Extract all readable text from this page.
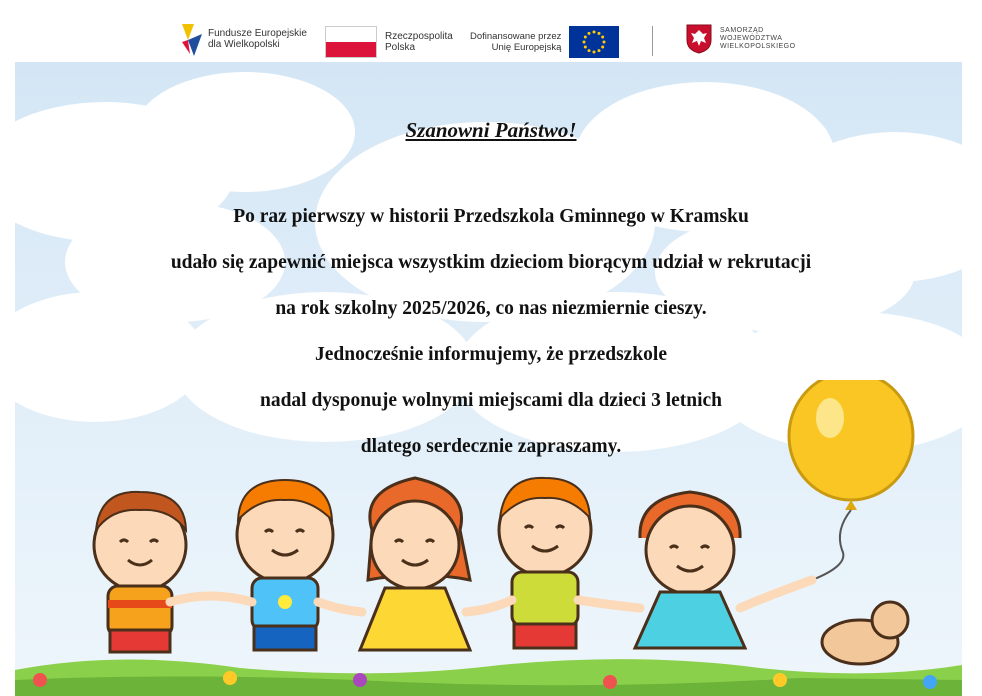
Fundusze Europejskie
dla Wielkopolski
Rzeczpospolita
Polska
Dofinansowane przez
Unię Europejską
SAMORZĄD
WOJEWÓDZTWA
WIELKOPOLSKIEGO

Szanowni Państwo!

Po raz pierwszy w historii Przedszkola Gminnego w Kramsku

udało się zapewnić miejsca wszystkim dzieciom biorącym udział w rekrutacji

na rok szkolny 2025/2026, co nas niezmiernie cieszy.

Jednocześnie informujemy, że przedszkole

nadal dysponuje wolnymi miejscami dla dzieci 3 letnich

dlatego serdecznie zapraszamy.
